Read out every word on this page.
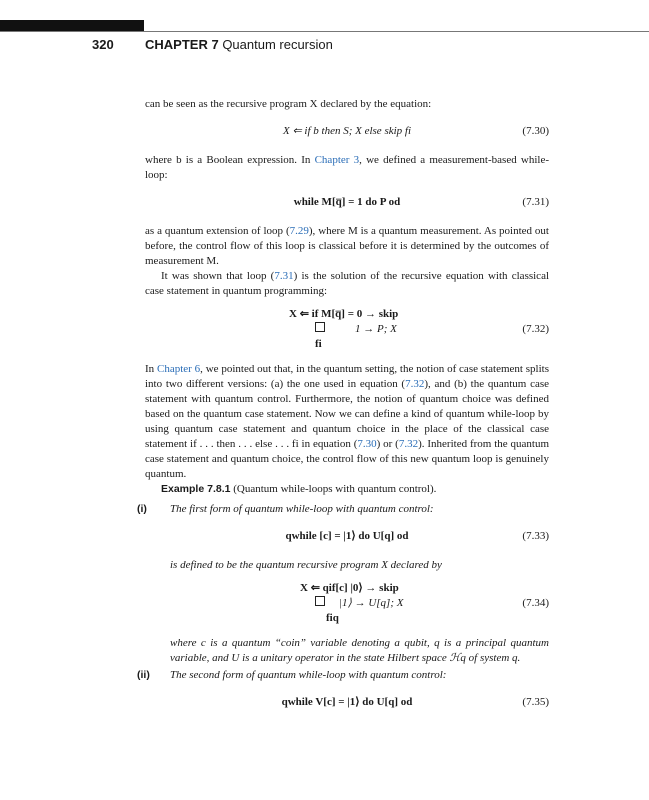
320 CHAPTER 7 Quantum recursion

can be seen as the recursive program X declared by the equation:

X ⇐ if b then S; X else skip fi	(7.30)

where b is a Boolean expression. In Chapter 3, we defined a measurement-based while-loop:

while M[q̅] = 1 do P od	(7.31)

as a quantum extension of loop (7.29), where M is a quantum measurement. As pointed out before, the control flow of this loop is classical before it is determined by the outcomes of measurement M.

It was shown that loop (7.31) is the solution of the recursive equation with classical case statement in quantum programming:

X ⇐ if M[q̅] = 0 → skip
1 → P; X
fi
(7.32)

In Chapter 6, we pointed out that, in the quantum setting, the notion of case statement splits into two different versions: (a) the one used in equation (7.32), and (b) the quantum case statement with quantum control. Furthermore, the notion of quantum choice was defined based on the quantum case statement. Now we can define a kind of quantum while-loop by using quantum case statement and quantum choice in the place of the classical case statement if . . . then . . . else . . . fi in equation (7.30) or (7.32). Inherited from the quantum case statement and quantum choice, the control flow of this new quantum loop is genuinely quantum.

Example 7.8.1 (Quantum while-loops with quantum control).

(i) The first form of quantum while-loop with quantum control:
qwhile [c] = |1⟩ do U[q] od	(7.33)
is defined to be the quantum recursive program X declared by
X ⇐ qif[c] |0⟩ → skip
|1⟩ → U[q]; X
fiq
(7.34)
where c is a quantum “coin” variable denoting a qubit, q is a principal quantum variable, and U is a unitary operator in the state Hilbert space ℋq of system q.
(ii) The second form of quantum while-loop with quantum control:
qwhile V[c] = |1⟩ do U[q] od	(7.35)
